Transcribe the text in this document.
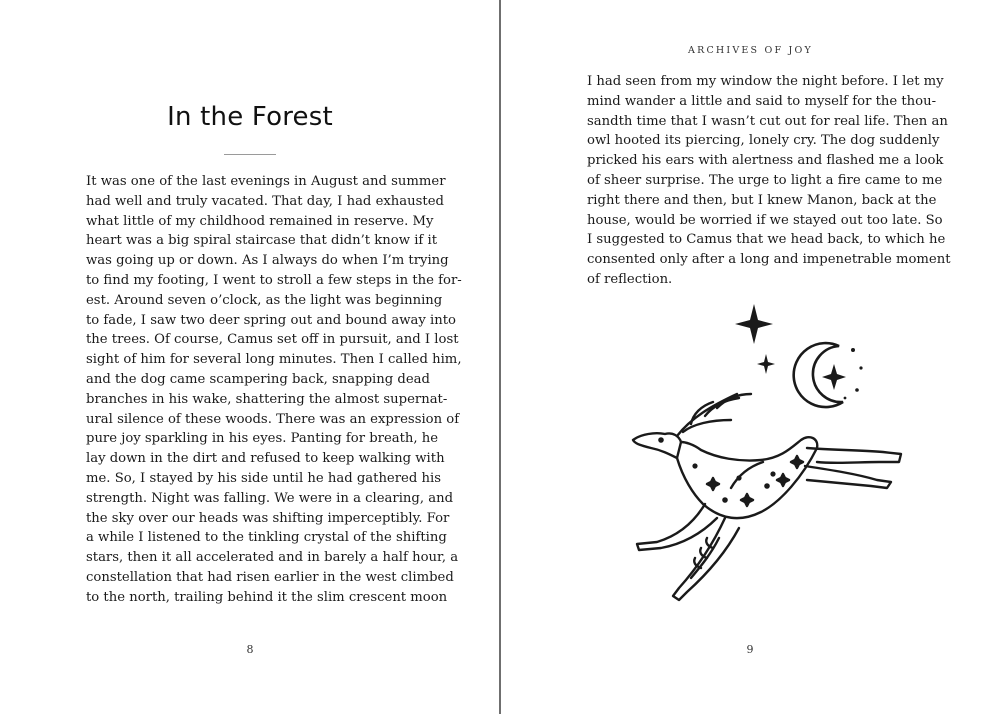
In the Forest
It was one of the last evenings in August and summer
had well and truly vacated. That day, I had exhausted
what little of my childhood remained in reserve. My
heart was a big spiral staircase that didn’t know if it
was going up or down. As I always do when I’m trying
to find my footing, I went to stroll a few steps in the for-
est. Around seven o’clock, as the light was beginning
to fade, I saw two deer spring out and bound away into
the trees. Of course, Camus set off in pursuit, and I lost
sight of him for several long minutes. Then I called him,
and the dog came scampering back, snapping dead
branches in his wake, shattering the almost supernat-
ural silence of these woods. There was an expression of
pure joy sparkling in his eyes. Panting for breath, he
lay down in the dirt and refused to keep walking with
me. So, I stayed by his side until he had gathered his
strength. Night was falling. We were in a clearing, and
the sky over our heads was shifting imperceptibly. For
a while I listened to the tinkling crystal of the shifting
stars, then it all accelerated and in barely a half hour, a
constellation that had risen earlier in the west climbed
to the north, trailing behind it the slim crescent moon
8
ARCHIVES OF JOY
I had seen from my window the night before. I let my
mind wander a little and said to myself for the thou-
sandth time that I wasn’t cut out for real life. Then an
owl hooted its piercing, lonely cry. The dog suddenly
pricked his ears with alertness and flashed me a look
of sheer surprise. The urge to light a fire came to me
right there and then, but I knew Manon, back at the
house, would be worried if we stayed out too late. So
I suggested to Camus that we head back, to which he
consented only after a long and impenetrable moment
of reflection.
9
